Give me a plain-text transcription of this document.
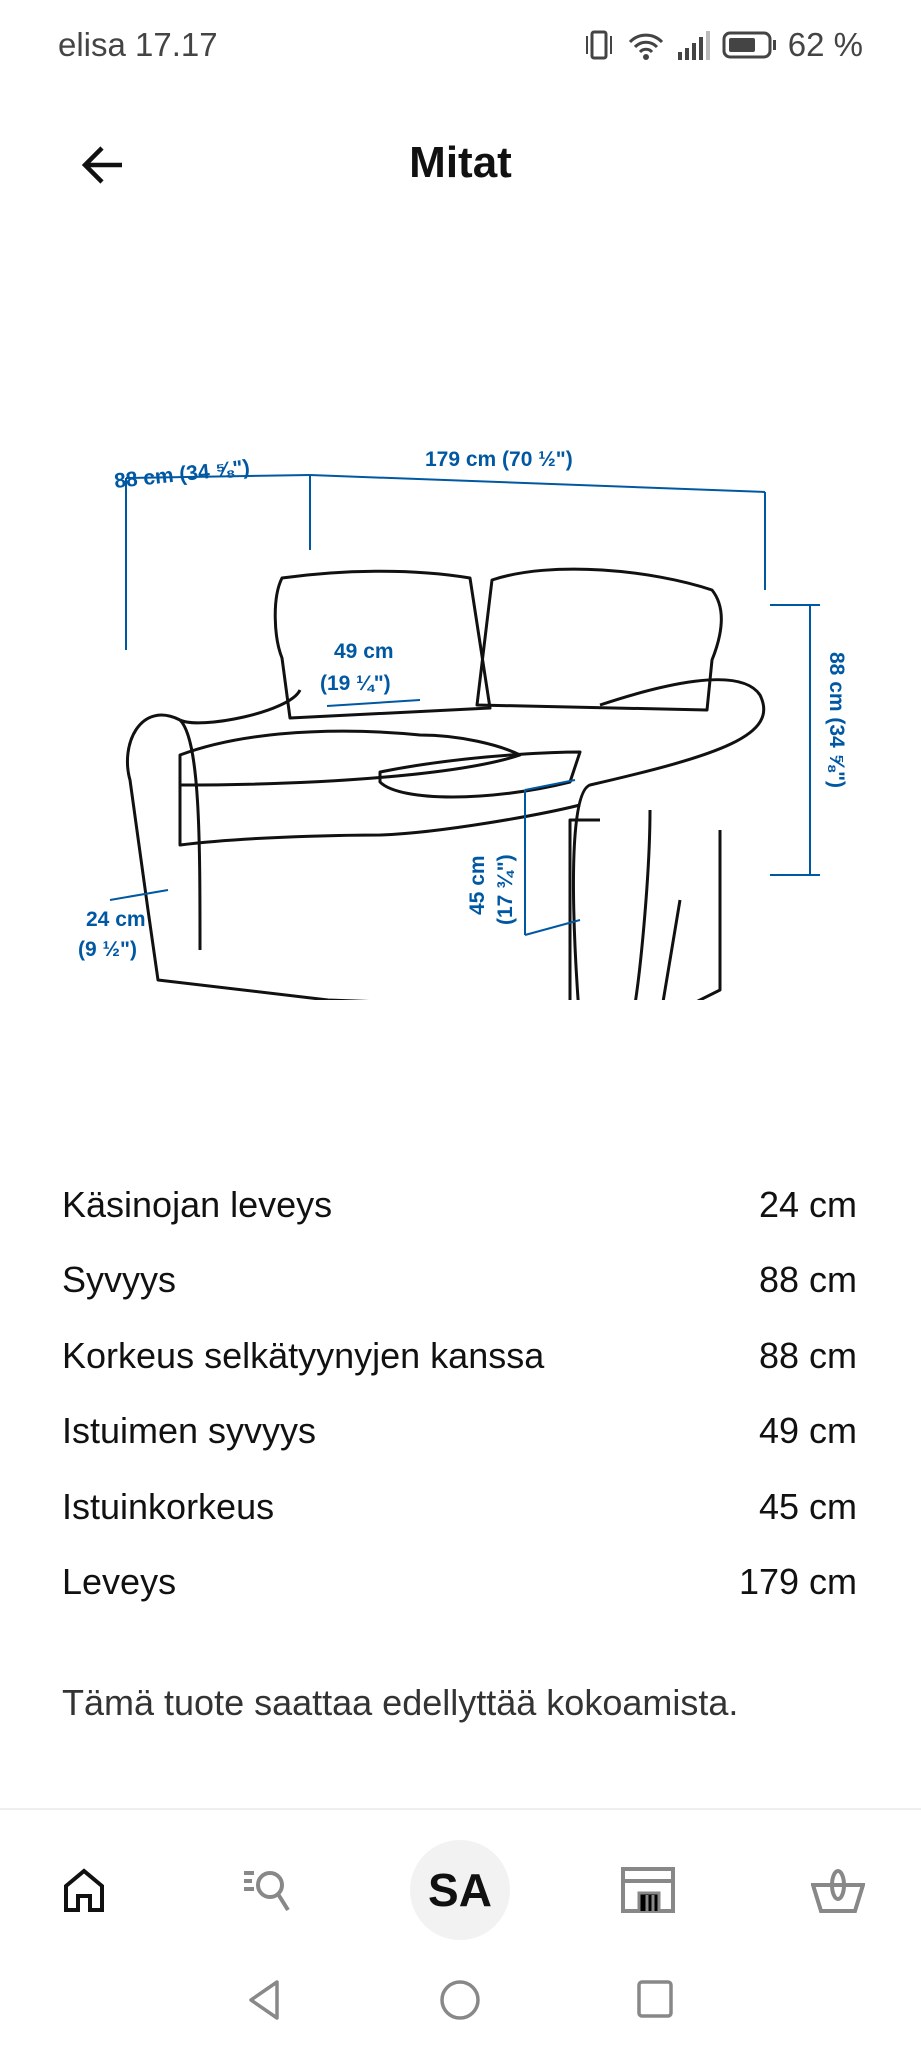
elisa 17.17	62 %
Mitat
88 cm (34 ⅝")	179 cm (70 ½")
49 cm
(19 ¼")
24 cm
(9 ½")
45 cm (17 ¾")
88 cm (34 ⅝")
Käsinojan leveys	24 cm
Syvyys	88 cm
Korkeus selkätyynyjen kanssa	88 cm
Istuimen syvyys	49 cm
Istuinkorkeus	45 cm
Leveys	179 cm
Tämä tuote saattaa edellyttää kokoamista.
SA
